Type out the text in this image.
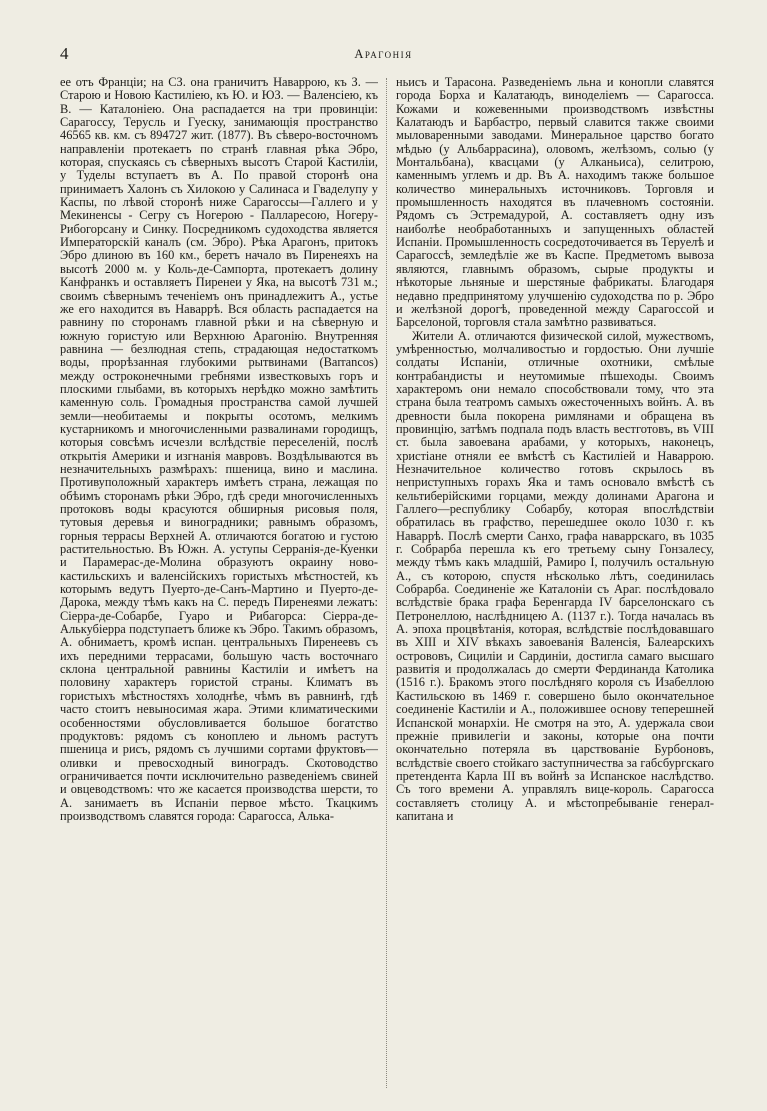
4	Арагонія

ее отъ Франціи; на СЗ. она граничитъ Наваррою, къ З. — Старою и Новою Кастиліею, къ Ю. и ЮЗ. — Валенсіею, къ В. — Каталоніею. Она распадается на три провинціи: Сарагоссу, Терусль и Гуеску, занимающія пространство 46565 кв. км. съ 894727 жит. (1877). Въ сѣверо-восточномъ направленіи протекаетъ по странѣ главная рѣка Эбро, которая, спускаясь съ сѣверныхъ высотъ Старой Кастиліи, у Туделы вступаетъ въ А. По правой сторонѣ она принимаетъ Халонъ съ Хилокою у Салинаса и Гваделупу у Каспы, по лѣвой сторонѣ ниже Сарагоссы—Галлего и у Мекиненсы - Сегру съ Ногерою - Палларесою, Ногеру-Рибогорсану и Синку. Посредникомъ судоходства является Императорскій каналъ (см. Эбро). Рѣка Арагонъ, притокъ Эбро длиною въ 160 км., беретъ начало въ Пиренеяхъ на высотѣ 2000 м. у Коль-де-Сампорта, протекаетъ долину Канфранкъ и оставляетъ Пиренеи у Яка, на высотѣ 731 м.; своимъ сѣвернымъ теченіемъ онъ принадлежитъ А., устье же его находится въ Наваррѣ. Вся область распадается на равнину по сторонамъ главной рѣки и на сѣверную и южную гористую или Верхнюю Арагонію. Внутренняя равнина — безлюдная степь, страдающая недостаткомъ воды, прорѣзанная глубокими рытвинами (Barrancos) между остроконечными гребнями известковыхъ горъ и плоскими глыбами, въ которыхъ нерѣдко можно замѣтить каменную соль. Громадныя пространства самой лучшей земли—необитаемы и покрыты осотомъ, мелкимъ кустарникомъ и многочисленными развалинами городищъ, которыя совсѣмъ исчезли вслѣдствіе переселеній, послѣ открытія Америки и изгнанія мавровъ. Воздѣлываются въ незначительныхъ размѣрахъ: пшеница, вино и маслина. Противуположный характеръ имѣетъ страна, лежащая по обѣимъ сторонамъ рѣки Эбро, гдѣ среди многочисленныхъ протоковъ воды красуются обширныя рисовыя поля, тутовыя деревья и виноградники; равнымъ образомъ, горныя террасы Верхней А. отличаются богатою и густою растительностью. Въ Южн. А. уступы Серранія-де-Куенки и Парамерас-де-Молина образуютъ окраину ново-кастильскихъ и валенсійскихъ гористыхъ мѣстностей, къ которымъ ведутъ Пуерто-де-Санъ-Мартино и Пуерто-де-Дарока, между тѣмъ какъ на С. передъ Пиренеями лежатъ: Сіерра-де-Собарбе, Гуаро и Рибагорса: Сіерра-де-Алькубіерра подступаетъ ближе къ Эбро. Такимъ образомъ, А. обнимаетъ, кромѣ испан. центральныхъ Пиренеевъ съ ихъ передними террасами, большую часть восточнаго склона центральной равнины Кастиліи и имѣетъ на половину характеръ гористой страны. Климатъ въ гористыхъ мѣстностяхъ холоднѣе, чѣмъ въ равнинѣ, гдѣ часто стоитъ невыносимая жара. Этими климатическими особенностями обусловливается большое богатство продуктовъ: рядомъ съ коноплею и льномъ растутъ пшеница и рисъ, рядомъ съ лучшими сортами фруктовъ—оливки и превосходный виноградъ. Скотоводство ограничивается почти исключительно разведеніемъ свиней и овцеводствомъ: что же касается производства шерсти, то А. занимаетъ въ Испаніи первое мѣсто. Ткацкимъ производствомъ славятся города: Сарагосса, Алька-

ньисъ и Тарасона. Разведеніемъ льна и конопли славятся города Борха и Калатаюдъ, виноделіемъ — Сарагосса. Кожами и кожевенными производствомъ извѣстны Калатаюдъ и Барбастро, первый славится также своими мыловаренными заводами. Минеральное царство богато мѣдью (у Альбаррасина), оловомъ, желѣзомъ, солью (у Монтальбана), квасцами (у Алканьиса), селитрою, каменнымъ углемъ и др. Въ А. находимъ также большое количество минеральныхъ источниковъ. Торговля и промышленность находятся въ плачевномъ состояніи. Рядомъ съ Эстремадурой, А. составляетъ одну изъ наиболѣе необработанныхъ и запущенныхъ областей Испаніи. Промышленность сосредоточивается въ Теруелѣ и Сарагоссѣ, земледѣліе же въ Каспе. Предметомъ вывоза являются, главнымъ образомъ, сырые продукты и нѣкоторые льняные и шерстяные фабрикаты. Благодаря недавно предпринятому улучшенію судоходства по р. Эбро и желѣзной дорогѣ, проведенной между Сарагоссой и Барселоной, торговля стала замѣтно развиваться.

Жители А. отличаются физической силой, мужествомъ, умѣренностью, молчаливостью и гордостью. Они лучшіе солдаты Испаніи, отличные охотники, смѣлые контрабандисты и неутомимые пѣшеходы. Своимъ характеромъ они немало способствовали тому, что эта страна была театромъ самыхъ ожесточенныхъ войнъ. А. въ древности была покорена римлянами и обращена въ провинцію, затѣмъ подпала подъ власть вестготовъ, въ VIII ст. была завоевана арабами, у которыхъ, наконецъ, христіане отняли ее вмѣстѣ съ Кастиліей и Наваррою. Незначительное количество готовъ скрылось въ неприступныхъ горахъ Яка и тамъ основало вмѣстѣ съ кельтиберійскими горцами, между долинами Арагона и Галлего—республику Собарбу, которая впослѣдствіи обратилась въ графство, перешедшее около 1030 г. къ Наваррѣ. Послѣ смерти Санхо, графа наваррскаго, въ 1035 г. Собрарба перешла къ его третьему сыну Гонзалесу, между тѣмъ какъ младшій, Рамиро I, получилъ остальную А., съ которою, спустя нѣсколько лѣтъ, соединилась Собрарба. Соединеніе же Каталоніи съ Араг. послѣдовало вслѣдствіе брака графа Беренгарда IV барселонскаго съ Петронеллою, наслѣдницею А. (1137 г.). Тогда началась въ А. эпоха процвѣтанія, которая, вслѣдствіе послѣдовавшаго въ XIII и XIV вѣкахъ завоеванія Валенсія, Балеарскихъ острововъ, Сициліи и Сардиніи, достигла самаго высшаго развитія и продолжалась до смерти Фердинанда Католика (1516 г.). Бракомъ этого послѣдняго короля съ Изабеллою Кастильскою въ 1469 г. совершено было окончательное соединеніе Кастиліи и А., положившее основу теперешней Испанской монархіи. Не смотря на это, А. удержала свои прежніе привилегіи и законы, которые она почти окончательно потеряла въ царствованіе Бурбоновъ, вслѣдствіе своего стойкаго заступничества за габсбургскаго претендента Карла III въ войнѣ за Испанское наслѣдство. Съ того времени А. управлялъ вице-король. Сарагосса составляетъ столицу А. и мѣстопребываніе генерал-капитана и
